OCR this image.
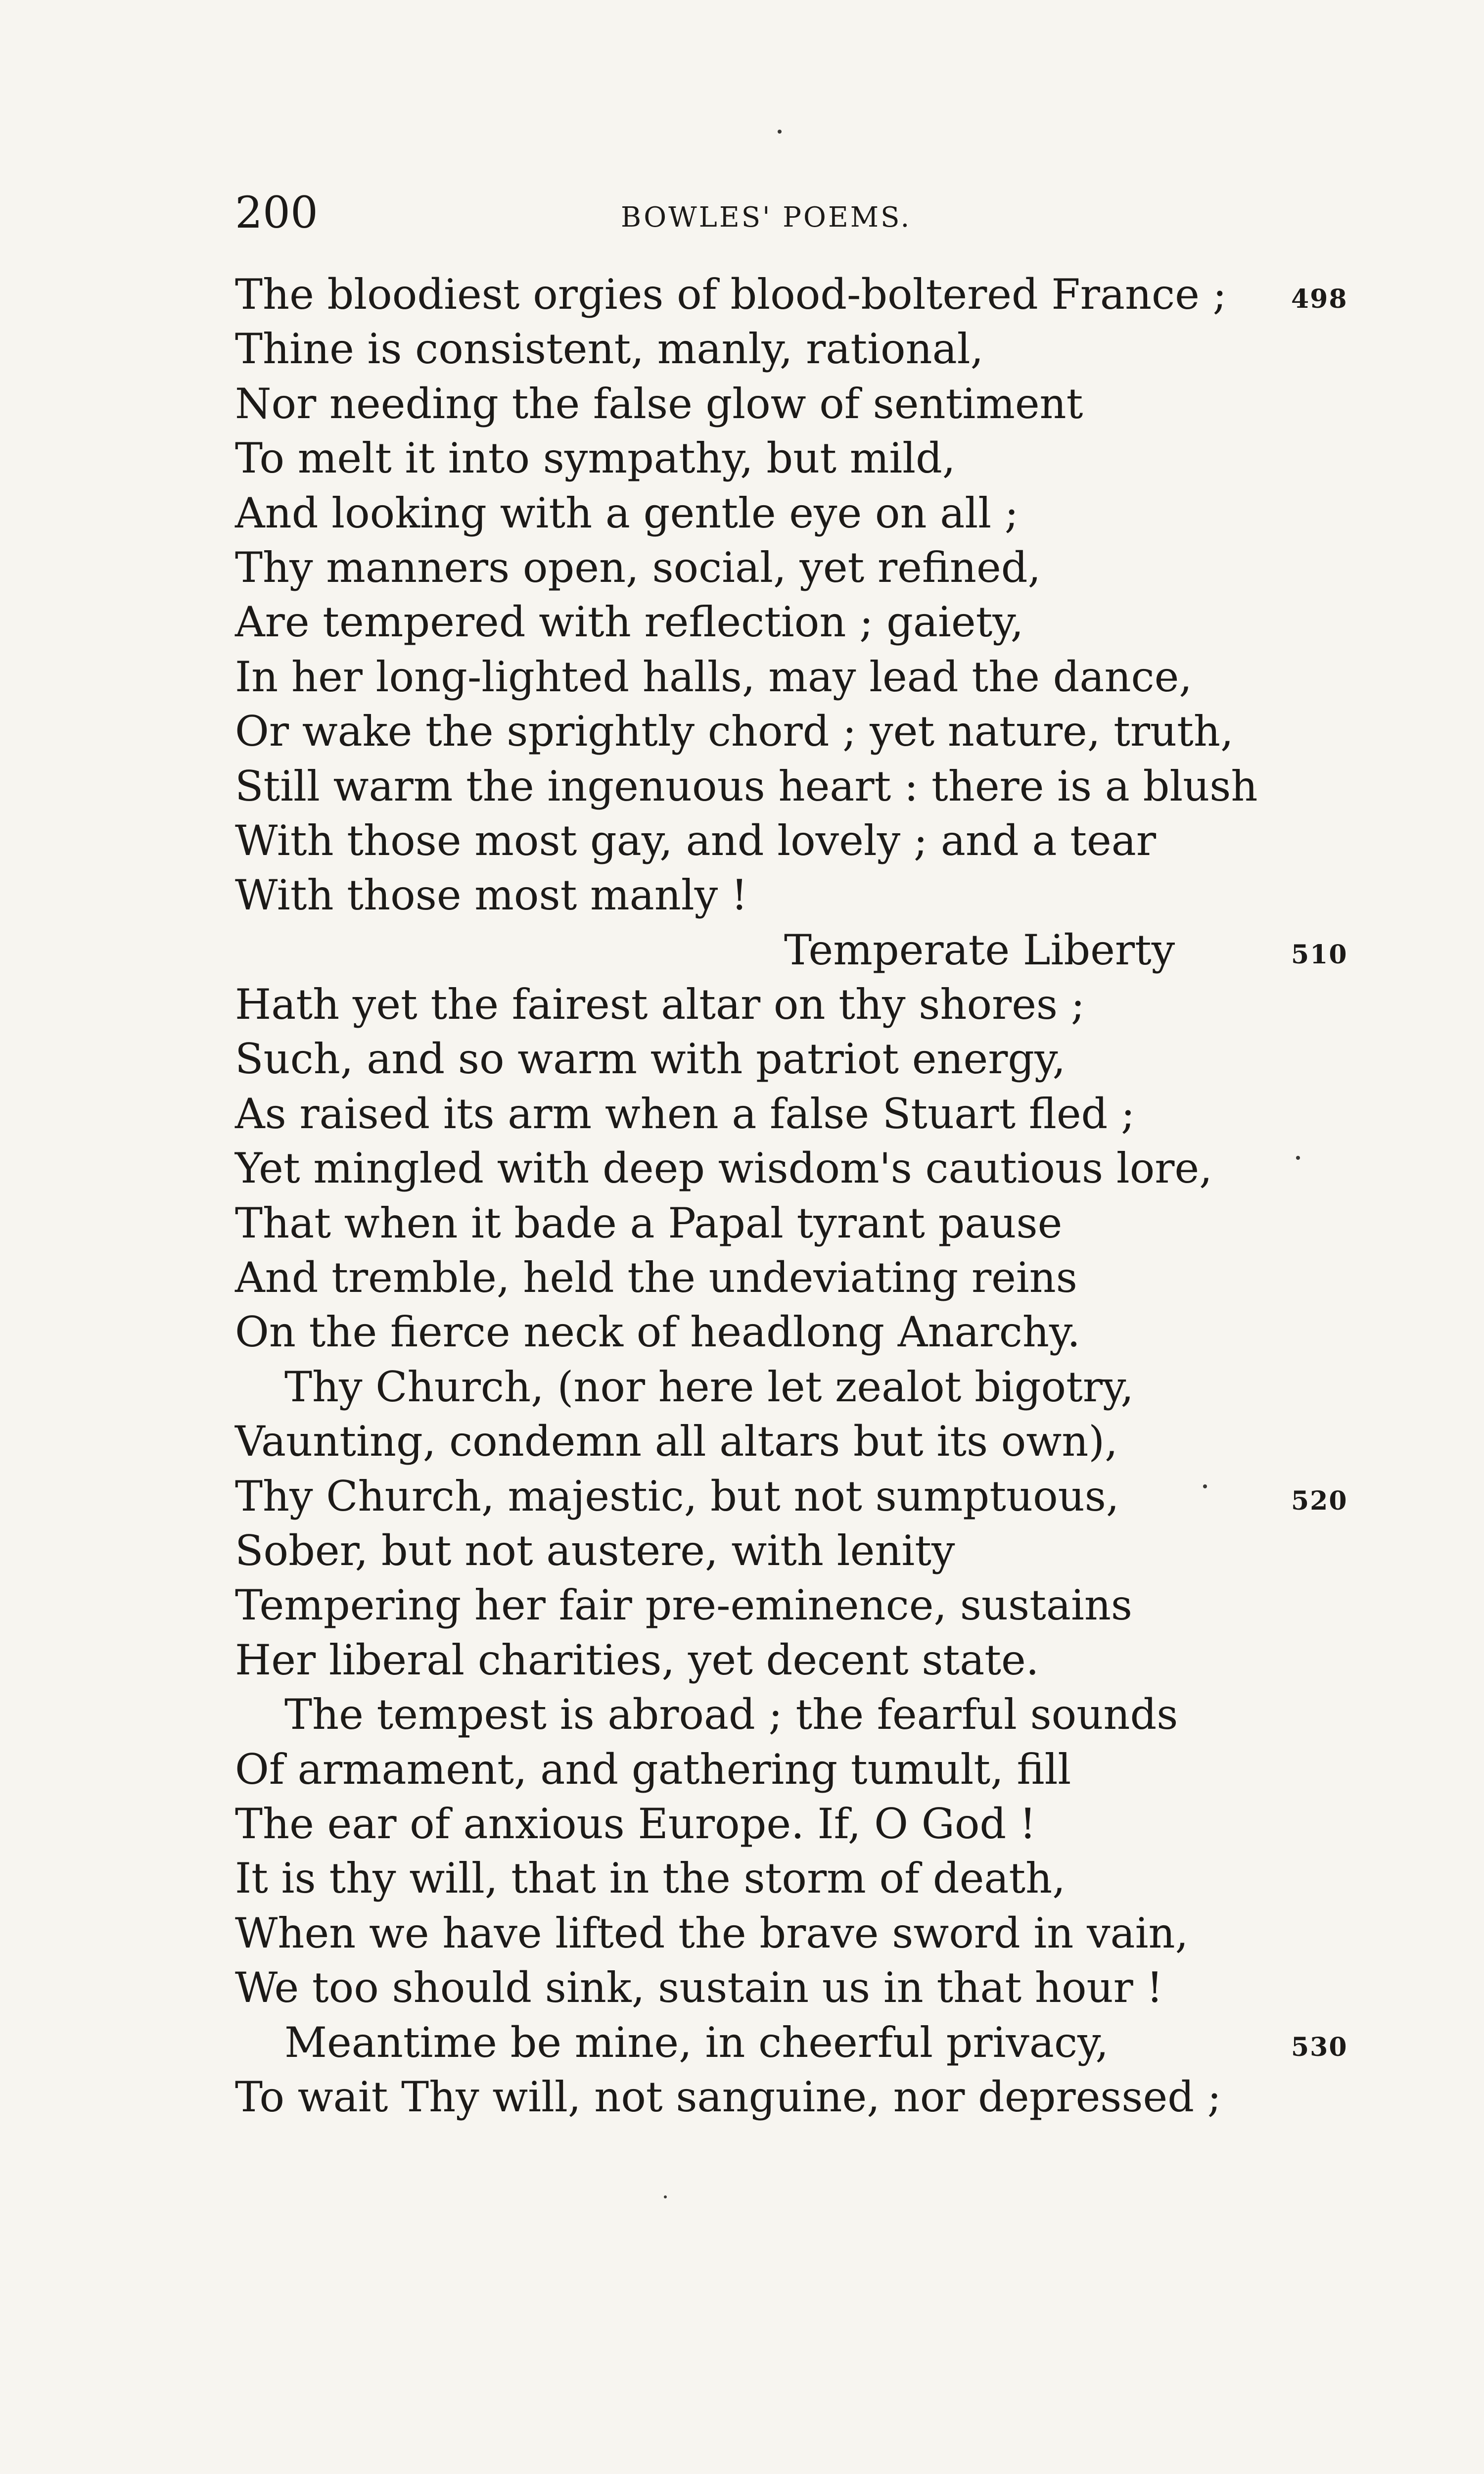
200	BOWLES' POEMS.
The bloodiest orgies of blood-boltered France ;	498
Thine is consistent, manly, rational,
Nor needing the false glow of sentiment
To melt it into sympathy, but mild,
And looking with a gentle eye on all ;
Thy manners open, social, yet refined,
Are tempered with reflection ; gaiety,
In her long-lighted halls, may lead the dance,
Or wake the sprightly chord ; yet nature, truth,
Still warm the ingenuous heart : there is a blush
With those most gay, and lovely ; and a tear
With those most manly !
Temperate Liberty	510
Hath yet the fairest altar on thy shores ;
Such, and so warm with patriot energy,
As raised its arm when a false Stuart fled ;
Yet mingled with deep wisdom's cautious lore,
That when it bade a Papal tyrant pause
And tremble, held the undeviating reins
On the fierce neck of headlong Anarchy.
Thy Church, (nor here let zealot bigotry,
Vaunting, condemn all altars but its own),
Thy Church, majestic, but not sumptuous,	520
Sober, but not austere, with lenity
Tempering her fair pre-eminence, sustains
Her liberal charities, yet decent state.
The tempest is abroad ; the fearful sounds
Of armament, and gathering tumult, fill
The ear of anxious Europe. If, O God !
It is thy will, that in the storm of death,
When we have lifted the brave sword in vain,
We too should sink, sustain us in that hour !
Meantime be mine, in cheerful privacy,	530
To wait Thy will, not sanguine, nor depressed ;
